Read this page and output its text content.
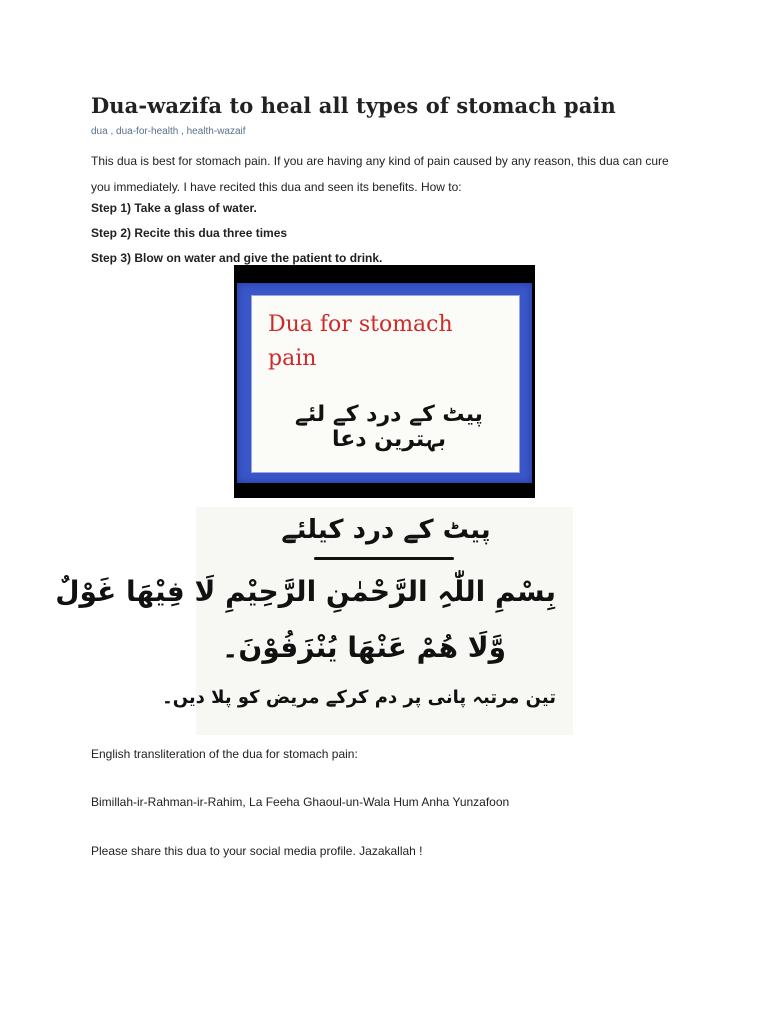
Dua-wazifa to heal all types of stomach pain
dua , dua-for-health , health-wazaif

This dua is best for stomach pain. If you are having any kind of pain caused by any reason, this dua can cure you immediately. I have recited this dua and seen its benefits. How to:

Step 1) Take a glass of water.

Step 2) Recite this dua three times

Step 3) Blow on water and give the patient to drink.

Dua for stomach pain
پیٹ کے درد کے لئے بہترین دعا
پیٹ کے درد کیلئے
بِسْمِ اللّٰہِ الرَّحْمٰنِ الرَّحِیْمِ لَا فِیْھَا غَوْلٌ
وَّلَا ھُمْ عَنْھَا یُنْزَفُوْنَ۔
تین مرتبہ پانی پر دم کرکے مریض کو پلا دیں۔

English transliteration of the dua for stomach pain:

Bimillah-ir-Rahman-ir-Rahim, La Feeha Ghaoul-un-Wala Hum Anha Yunzafoon

Please share this dua to your social media profile. Jazakallah !
